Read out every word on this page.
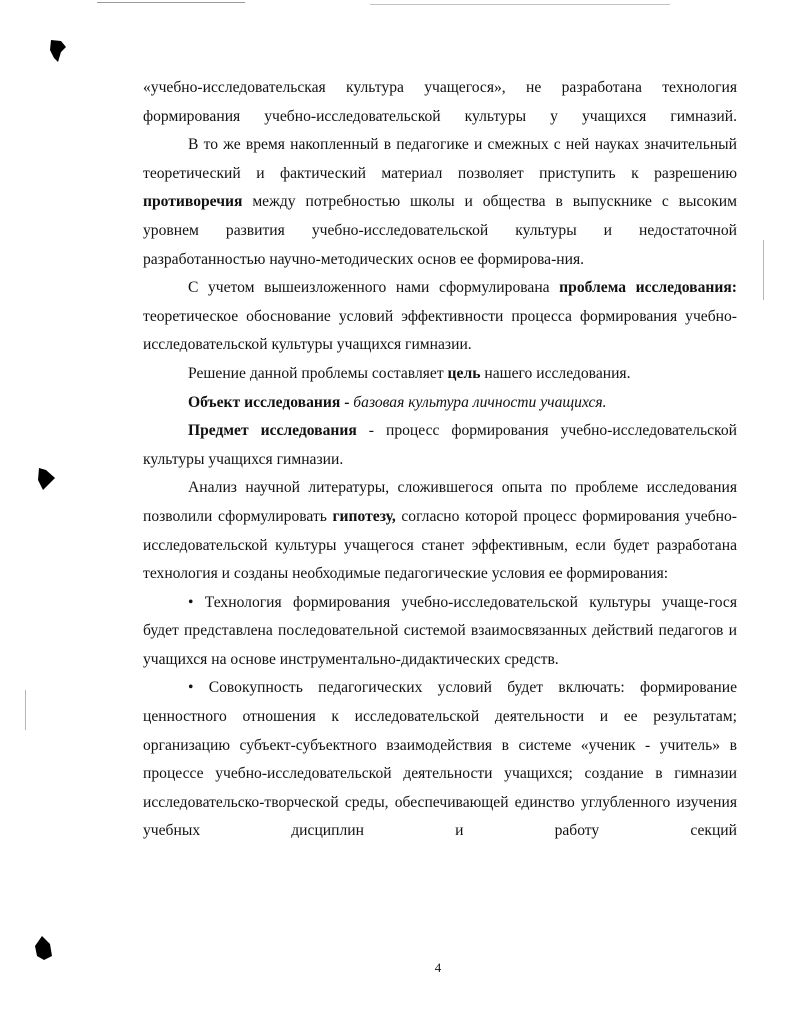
«учебно-исследовательская культура учащегося», не разработана технология формирования учебно-исследовательской культуры у учащихся гимназий.

В то же время накопленный в педагогике и смежных с ней науках значительный теоретический и фактический материал позволяет приступить к разрешению противоречия между потребностью школы и общества в выпускнике с высоким уровнем развития учебно-исследовательской культуры и недостаточной разработанностью научно-методических основ ее формирова-ния.

С учетом вышеизложенного нами сформулирована проблема исследования: теоретическое обоснование условий эффективности процесса формирования учебно-исследовательской культуры учащихся гимназии.

Решение данной проблемы составляет цель нашего исследования.

Объект исследования - базовая культура личности учащихся.

Предмет исследования - процесс формирования учебно-исследовательской культуры учащихся гимназии.

Анализ научной литературы, сложившегося опыта по проблеме исследования позволили сформулировать гипотезу, согласно которой процесс формирования учебно-исследовательской культуры учащегося станет эффективным, если будет разработана технология и созданы необходимые педагогические условия ее формирования:

• Технология формирования учебно-исследовательской культуры учаще-гося будет представлена последовательной системой взаимосвязанных действий педагогов и учащихся на основе инструментально-дидактических средств.

• Совокупность педагогических условий будет включать: формирование ценностного отношения к исследовательской деятельности и ее результатам; организацию субъект-субъектного взаимодействия в системе «ученик - учитель» в процессе учебно-исследовательской деятельности учащихся; создание в гимназии исследовательско-творческой среды, обеспечивающей единство углубленного изучения учебных дисциплин и работу секций

4
